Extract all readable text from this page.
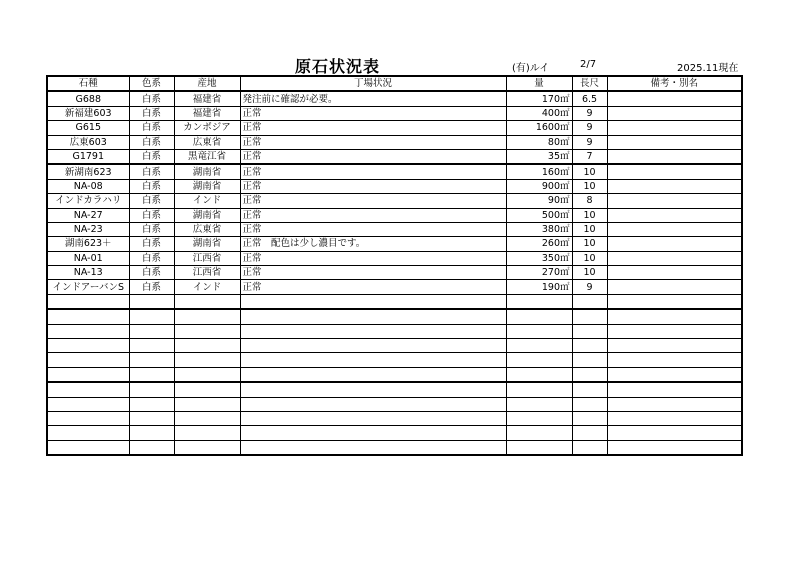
原石状況表	(有)ルイ	2/7	2025.11現在
石種	色系	産地	丁場状況	量	長尺	備考・別名
G688	白系	福建省	発注前に確認が必要。	170㎡	6.5	
新福建603	白系	福建省	正常	400㎡	9	
G615	白系	カンボジア	正常	1600㎡	9	
広東603	白系	広東省	正常	80㎡	9	
G1791	白系	黒竜江省	正常	35㎡	7	
新湖南623	白系	湖南省	正常	160㎡	10	
NA-08	白系	湖南省	正常	900㎡	10	
インドカラハリ	白系	インド	正常	90㎡	8	
NA-27	白系	湖南省	正常	500㎡	10	
NA-23	白系	広東省	正常	380㎡	10	
湖南623＋	白系	湖南省	正常　配色は少し濃目です。	260㎡	10	
NA-01	白系	江西省	正常	350㎡	10	
NA-13	白系	江西省	正常	270㎡	10	
インドアーバンS	白系	インド	正常	190㎡	9	
